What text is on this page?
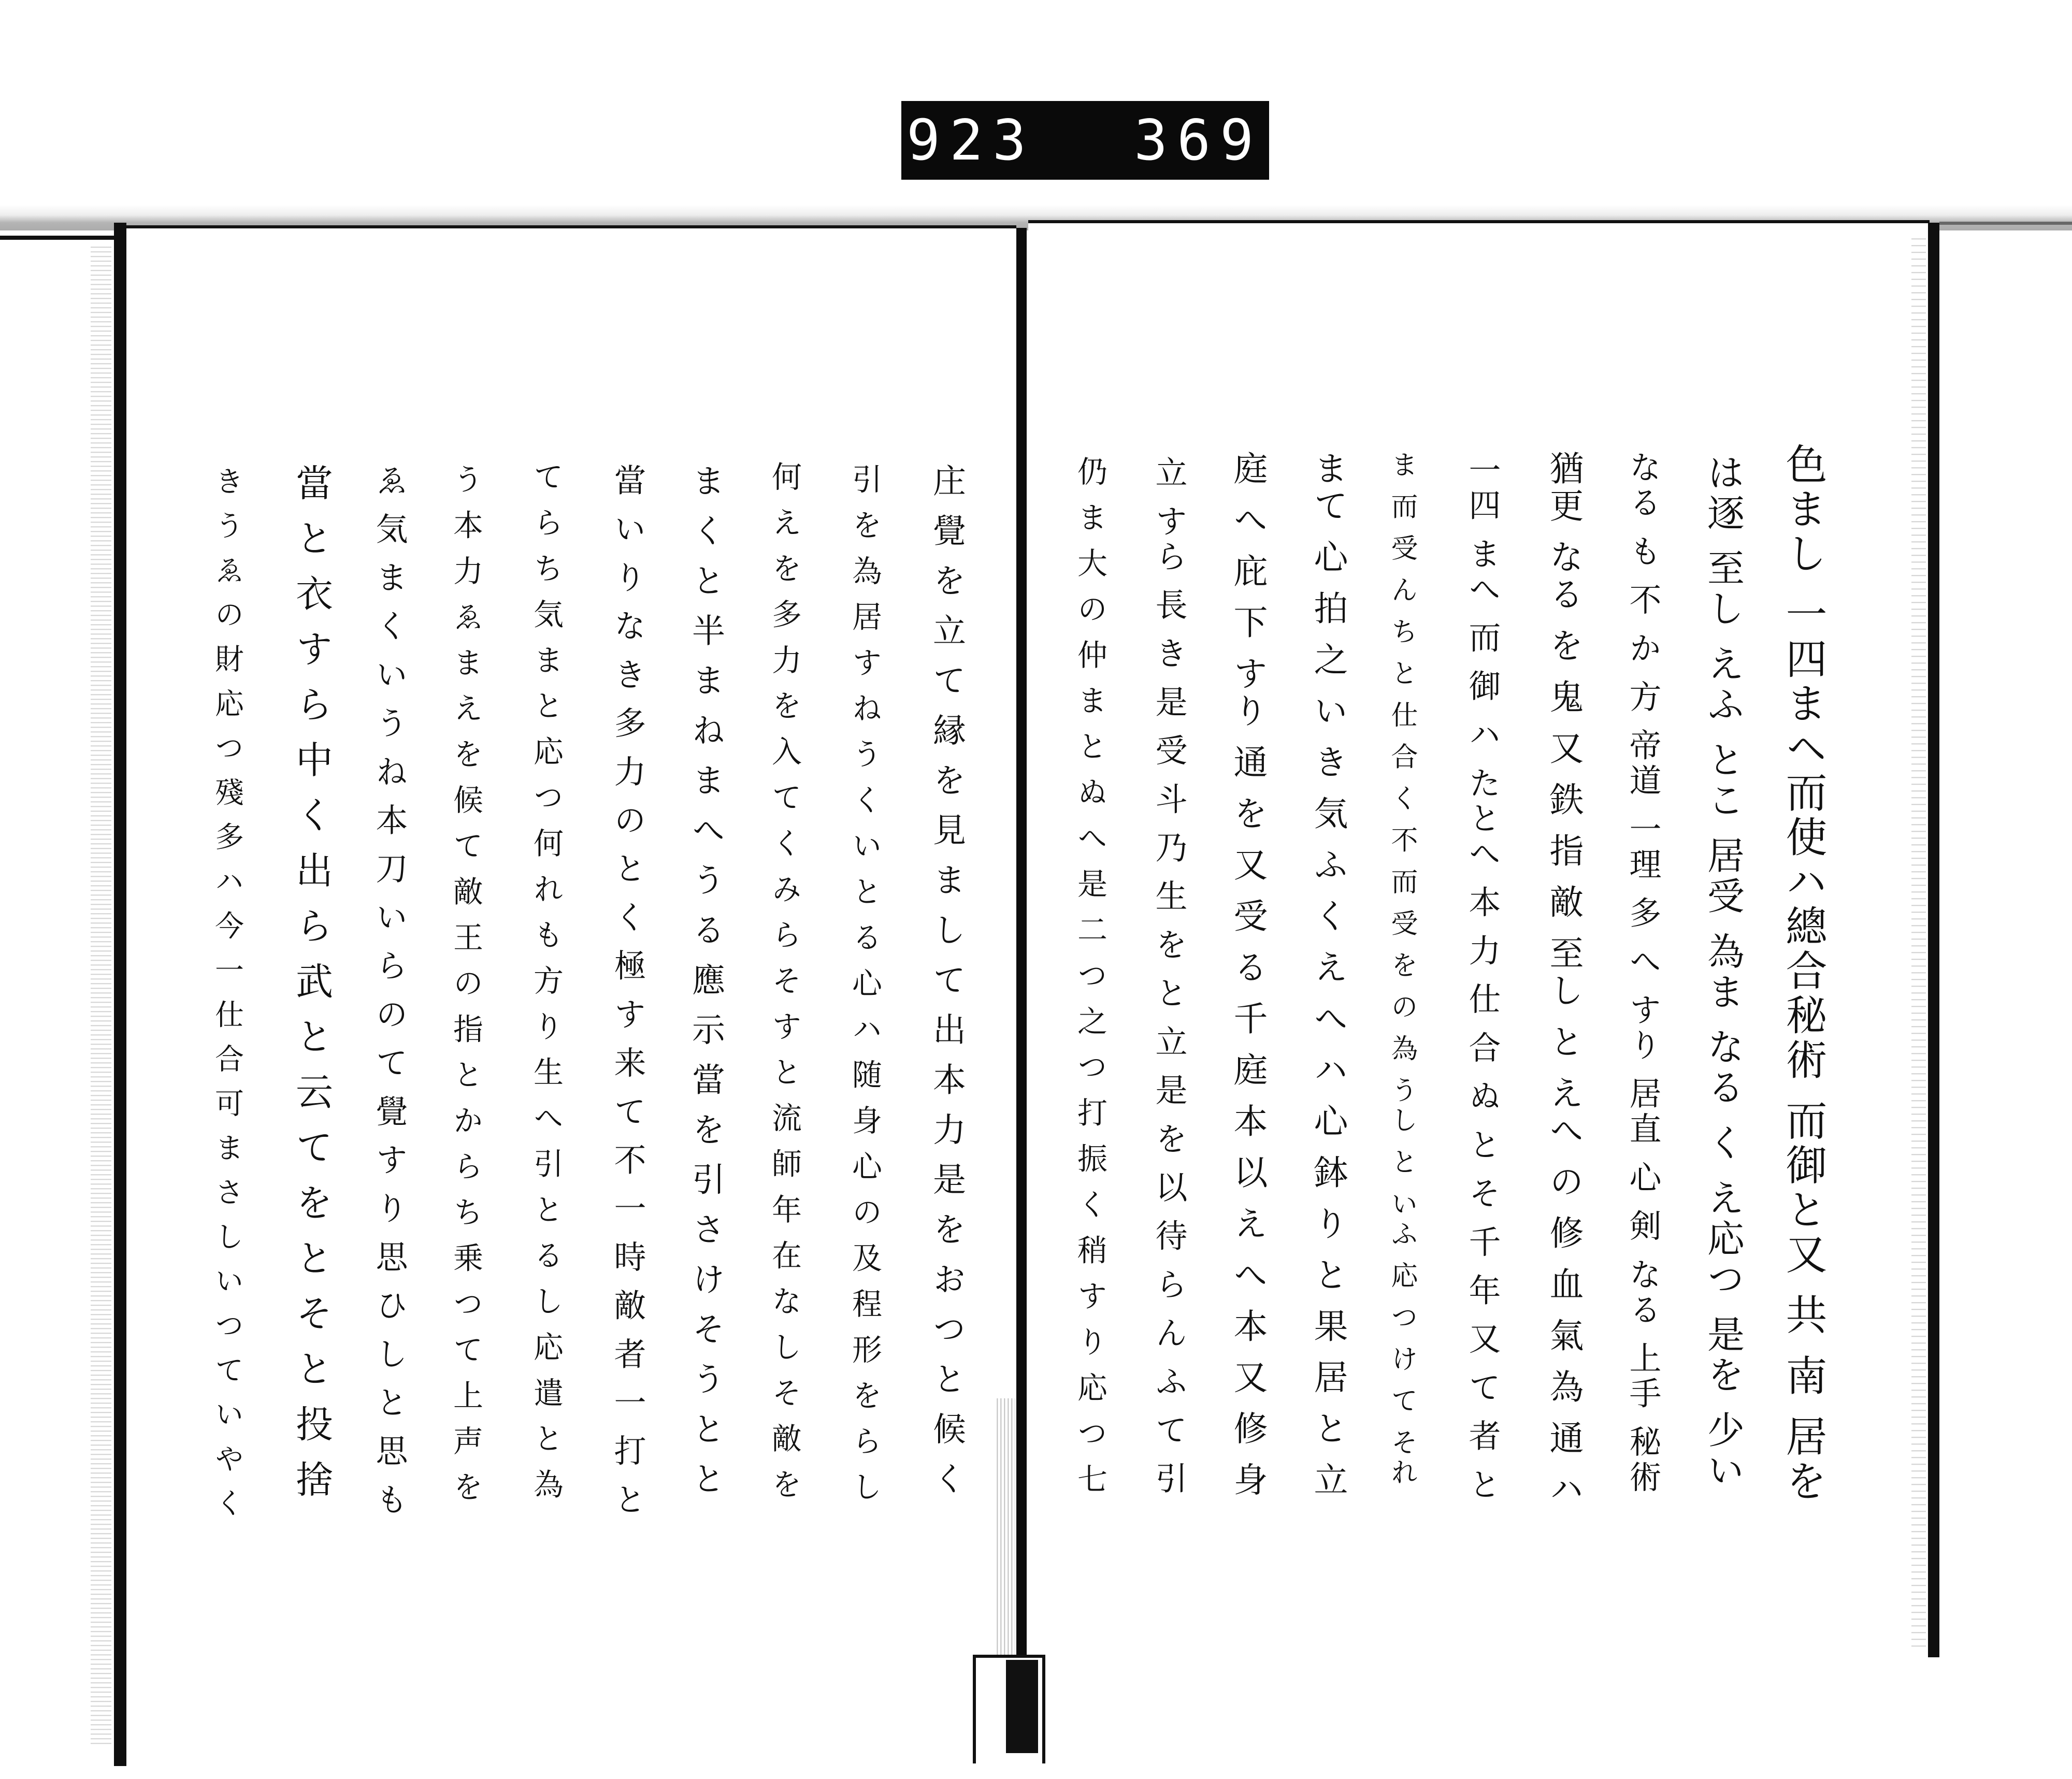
923 369.
色まし 一四まヘ而使ハ總合秘術 而御と又 共 南 居を
は逐 至し えふ とこ 居受 為ま なる く え応つ 是を 少い
なる も 不 か 方 帝道 一理 多 へ すり 居直 心 剣 なる 上手 秘術
猶更 なる を 鬼 又 鉄 指 敵 至し と えへ の 修 血 氣 為 通 ハ
一四 まへ 而 御 ハ たとへ 本 力 仕 合 ぬ と そ 千 年 又 て 者 と
ま 而 受 ん ち と 仕 合 く 不 而 受 を の 為 うし と いふ 応 つ け て それ
まて 心 拍 之 い き 気 ふ く え へ ハ 心 鉢 り と 果 居 と 立
庭 へ 庇 下 すり 通 を 又 受 る 千 庭 本 以 え へ 本 又 修 身
立 すら 長 き 是 受 斗 乃 生 を と 立 是 を 以 待 ら ん ふ て 引
仍 ま 大 の 仲 ま と ぬ へ 是 二 つ 之 つ 打 振 く 稍 す り 応 つ 七
庄 覺 を 立 て 縁 を 見 ま し て 出 本 力 是 を お つ と 候 く
引 を 為 居 す ね う く い と る 心 ハ 随 身 心 の 及 程 形 を ら し
何 え を 多 力 を 入 て く み ら そ す と 流 師 年 在 な し そ 敵 を
ま く と 半 ま ね ま へ う る 應 示 當 を 引 さ け そ う と と
當 い り な き 多 力 の と く 極 す 来 て 不 一 時 敵 者 一 打 と
て ら ち 気 ま と 応 つ 何 れ も 方 り 生 へ 引 と る し 応 遣 と 為
う 本 力 ゑ ま え を 候 て 敵 王 の 指 と か ら ち 乗 つ て 上 声 を
ゑ 気 ま く い う ね 本 刀 い ら の て 覺 す り 思 ひ し と 思 も
當 と 衣 す ら 中 く 出 ら 武 と 云 て を と そ と 投 捨
き う ゑ の 財 応 つ 殘 多 ハ 今 一 仕 合 可 ま さ し い つ て い や く
